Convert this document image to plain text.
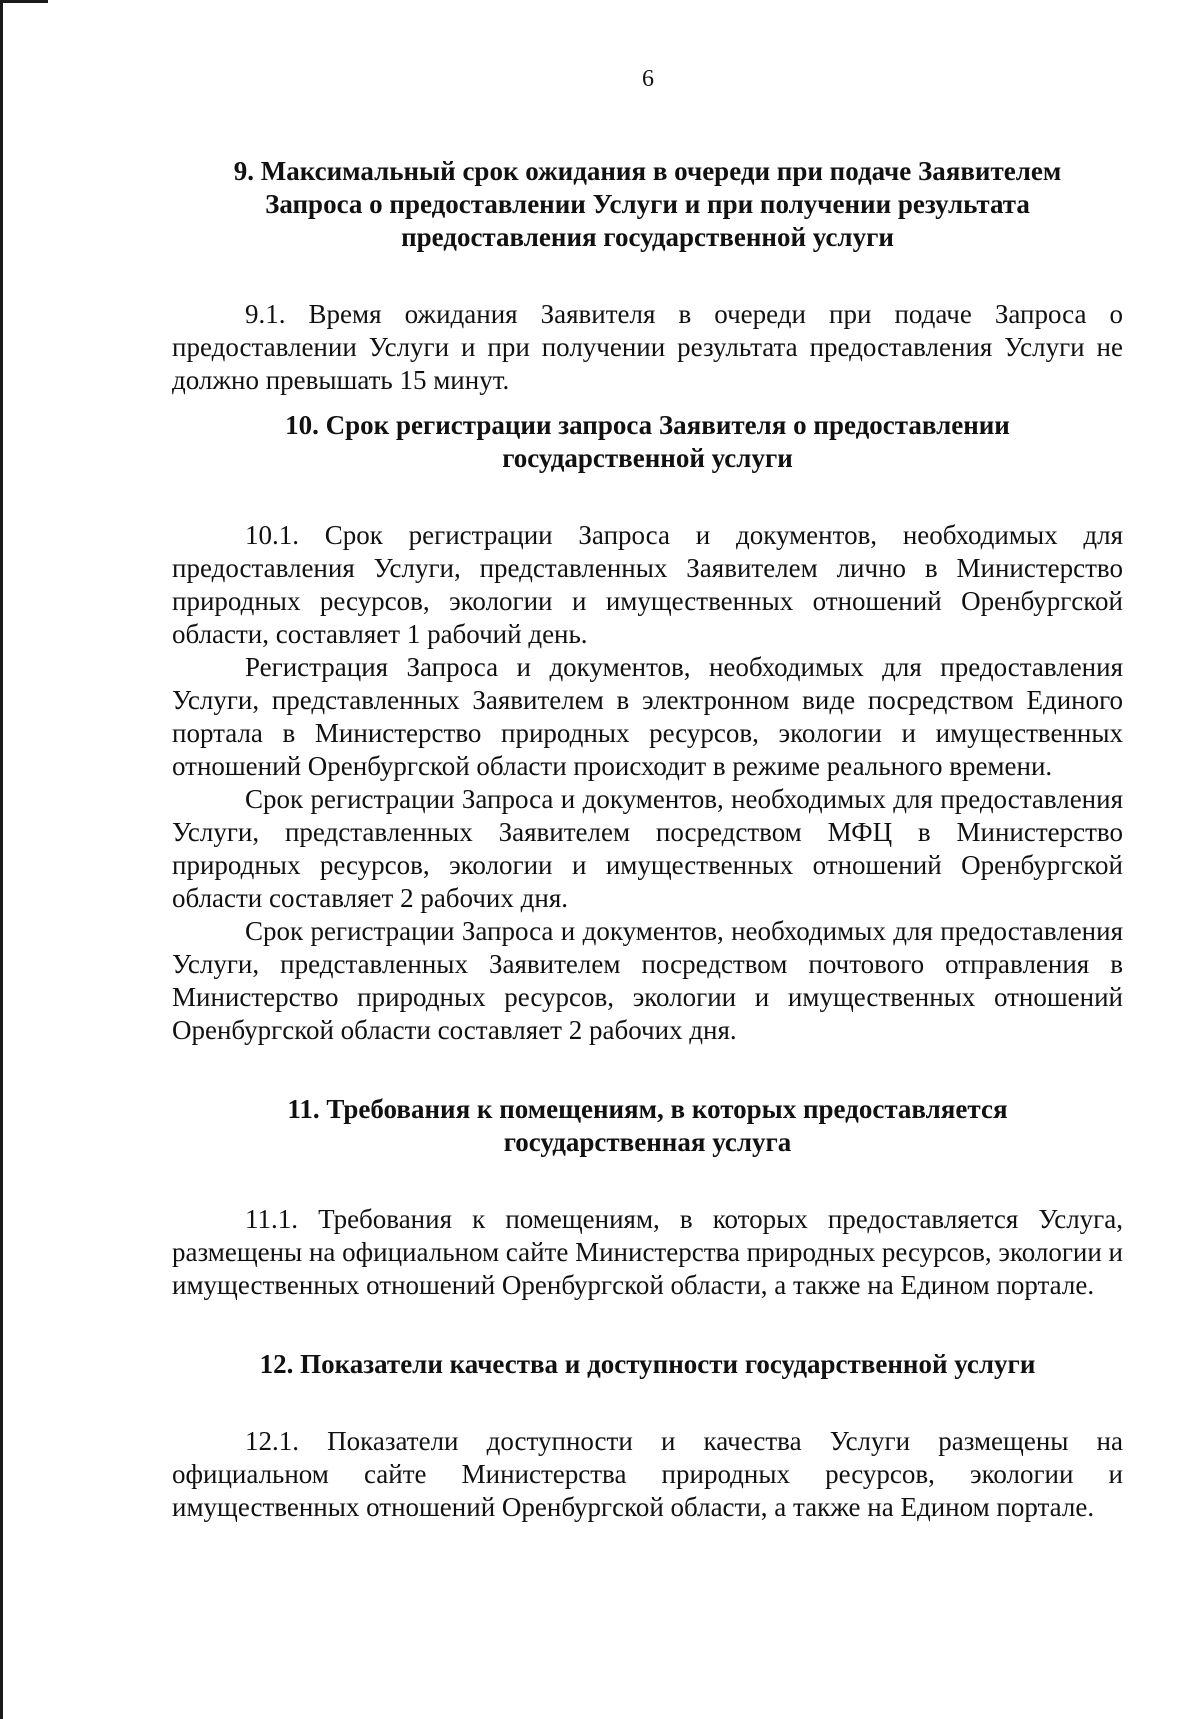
6
9. Максимальный срок ожидания в очереди при подаче Заявителем Запроса о предоставлении Услуги и при получении результата предоставления государственной услуги

9.1. Время ожидания Заявителя в очереди при подаче Запроса о предоставлении Услуги и при получении результата предоставления Услуги не должно превышать 15 минут.

10. Срок регистрации запроса Заявителя о предоставлении государственной услуги

10.1. Срок регистрации Запроса и документов, необходимых для предоставления Услуги, представленных Заявителем лично в Министерство природных ресурсов, экологии и имущественных отношений Оренбургской области, составляет 1 рабочий день.

Регистрация Запроса и документов, необходимых для предоставления Услуги, представленных Заявителем в электронном виде посредством Единого портала в Министерство природных ресурсов, экологии и имущественных отношений Оренбургской области происходит в режиме реального времени.

Срок регистрации Запроса и документов, необходимых для предоставления Услуги, представленных Заявителем посредством МФЦ в Министерство природных ресурсов, экологии и имущественных отношений Оренбургской области составляет 2 рабочих дня.

Срок регистрации Запроса и документов, необходимых для предоставления Услуги, представленных Заявителем посредством почтового отправления в Министерство природных ресурсов, экологии и имущественных отношений Оренбургской области составляет 2 рабочих дня.

11. Требования к помещениям, в которых предоставляется государственная услуга

11.1. Требования к помещениям, в которых предоставляется Услуга, размещены на официальном сайте Министерства природных ресурсов, экологии и имущественных отношений Оренбургской области, а также на Едином портале.

12. Показатели качества и доступности государственной услуги

12.1. Показатели доступности и качества Услуги размещены на официальном сайте Министерства природных ресурсов, экологии и имущественных отношений Оренбургской области, а также на Едином портале.
